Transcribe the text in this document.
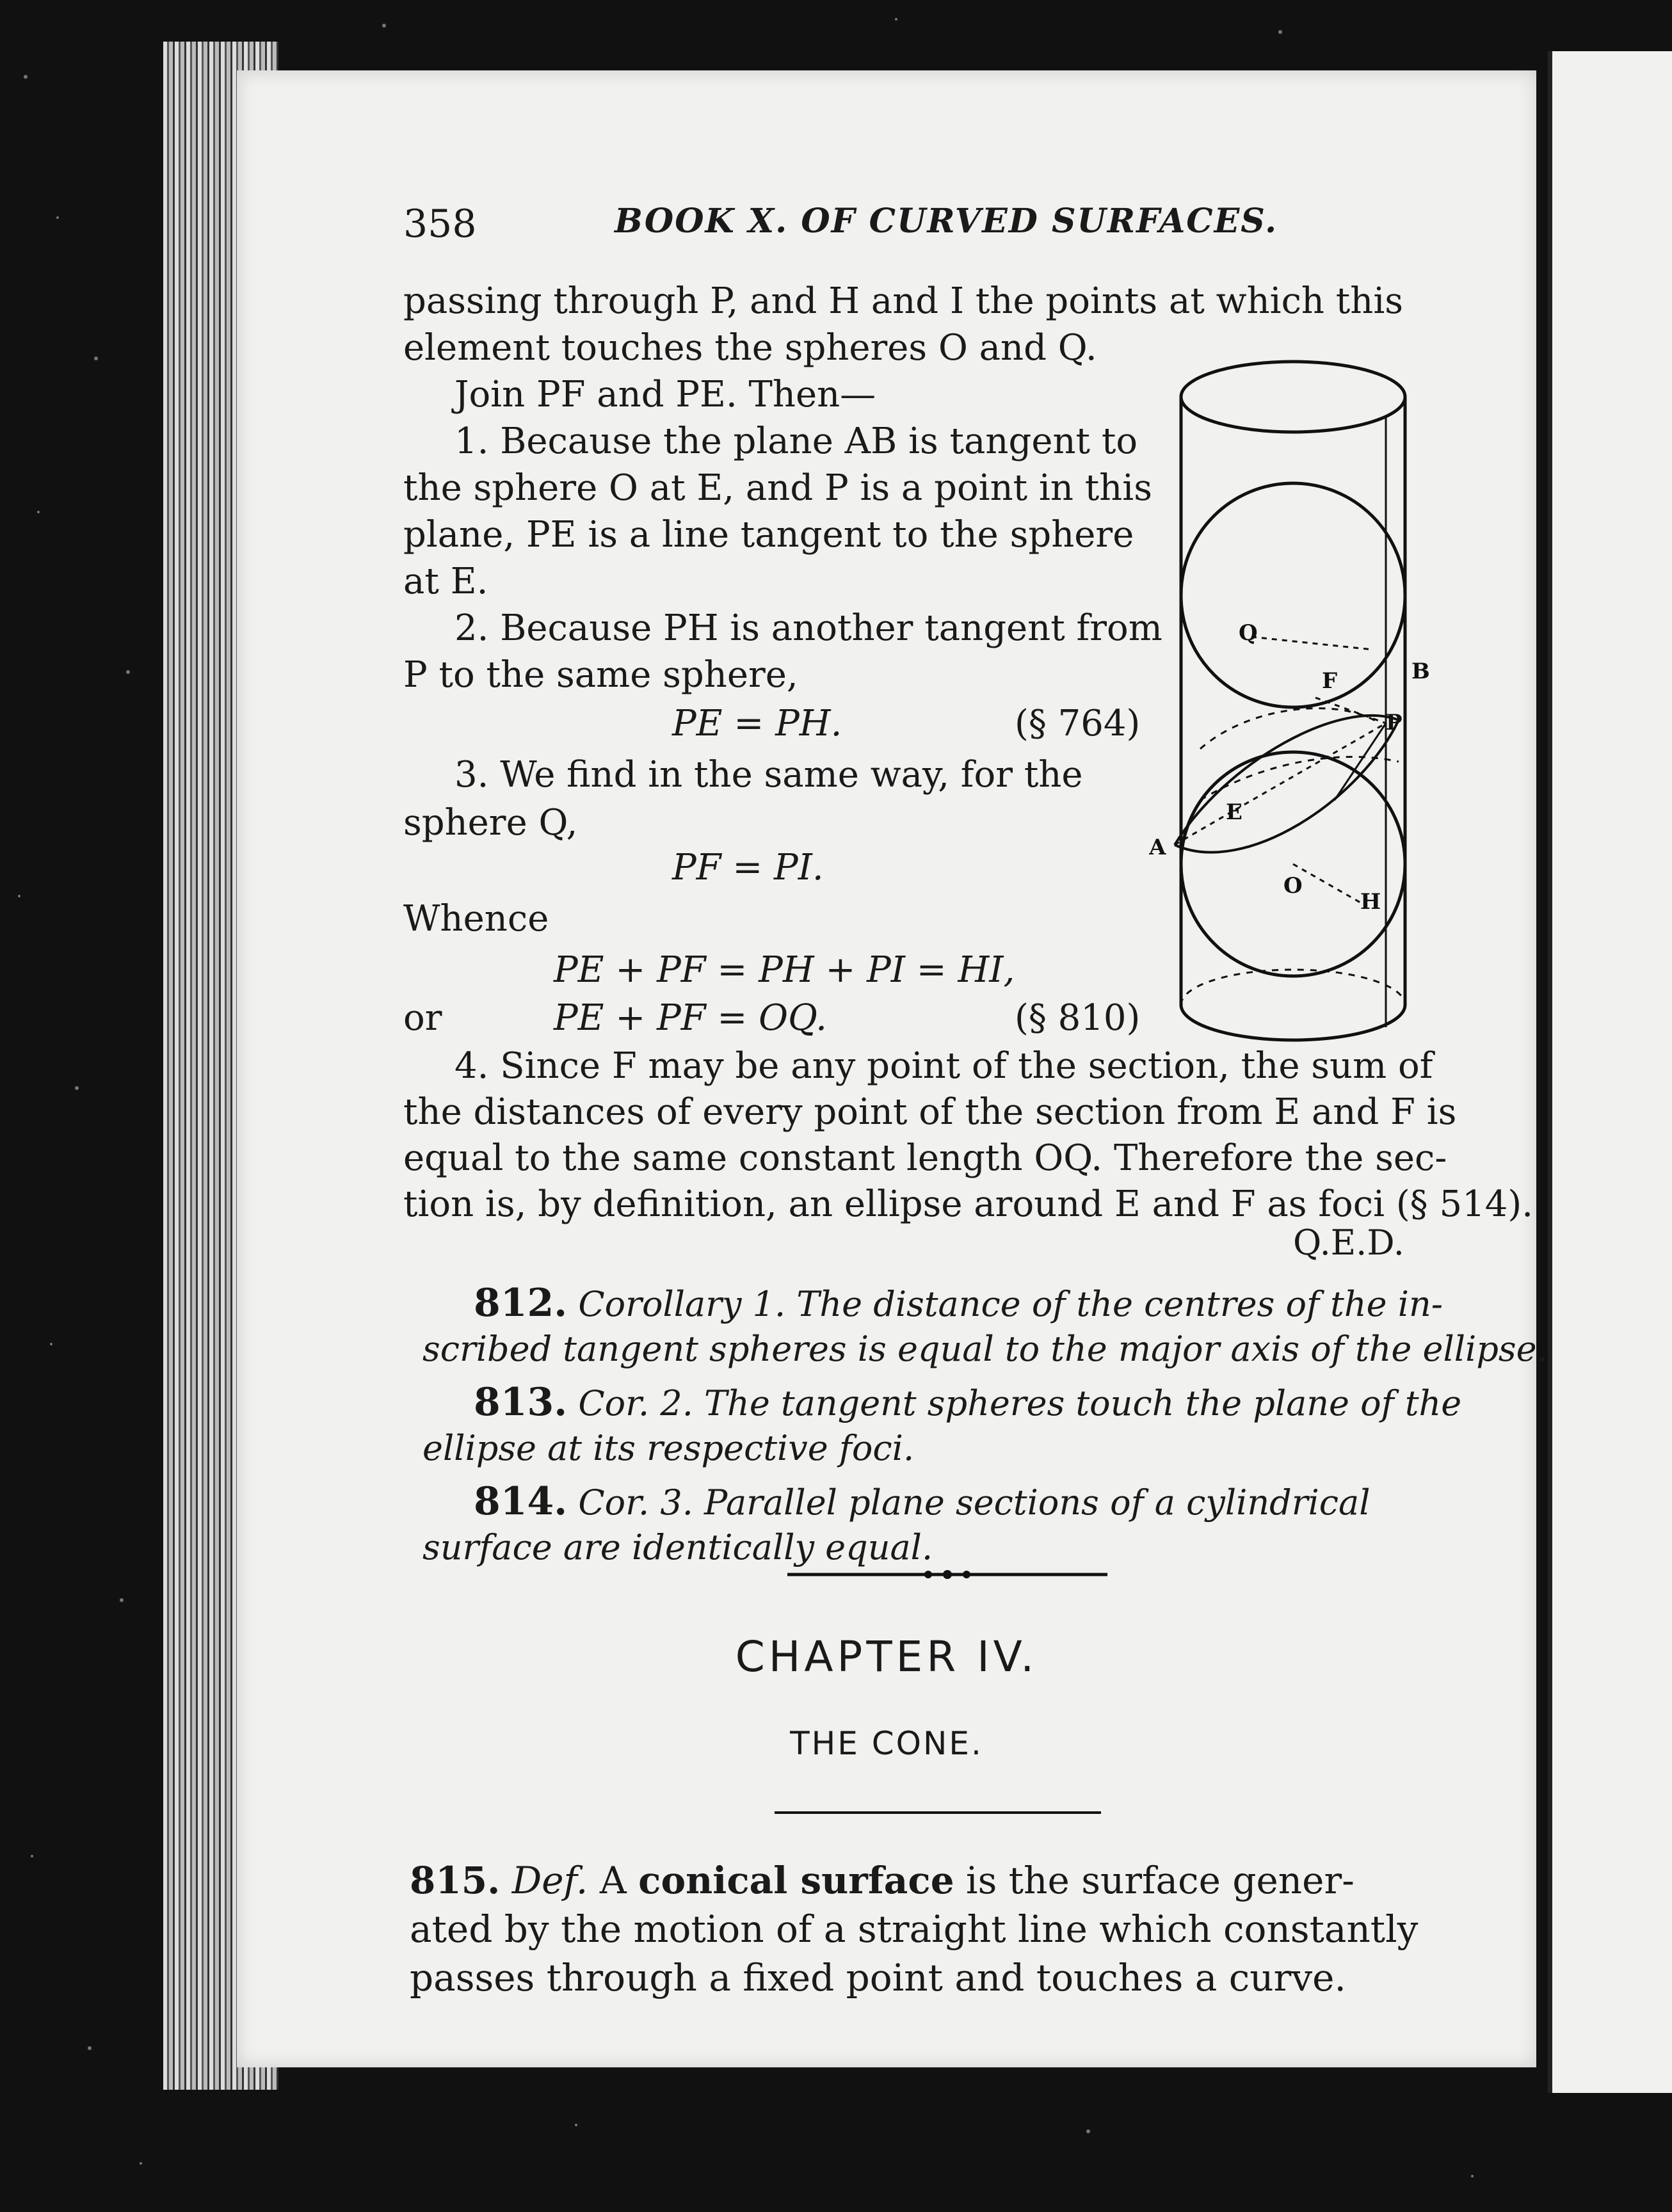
358	BOOK X. OF CURVED SURFACES.
passing through P, and H and I the points at which this
element touches the spheres O and Q.
Join PF and PE. Then—
1. Because the plane AB is tangent to
the sphere O at E, and P is a point in this
plane, PE is a line tangent to the sphere
at E.
2. Because PH is another tangent from
P to the same sphere,
PE = PH.	(§ 764)
3. We find in the same way, for the
sphere Q,
PF = PI.
Whence
PE + PF = PH + PI = HI,
or	PE + PF = OQ.	(§ 810)
4. Since F may be any point of the section, the sum of
the distances of every point of the section from E and F is
equal to the same constant length OQ. Therefore the sec-
tion is, by definition, an ellipse around E and F as foci (§ 514).
Q.E.D.
812. Corollary 1. The distance of the centres of the in-
scribed tangent spheres is equal to the major axis of the ellipse.
813. Cor. 2. The tangent spheres touch the plane of the
ellipse at its respective foci.
814. Cor. 3. Parallel plane sections of a cylindrical
surface are identically equal.
CHAPTER IV.
THE CONE.
815. Def. A conical surface is the surface gener-
ated by the motion of a straight line which constantly
passes through a fixed point and touches a curve.
Q
B
F
P
E
A
O
H
